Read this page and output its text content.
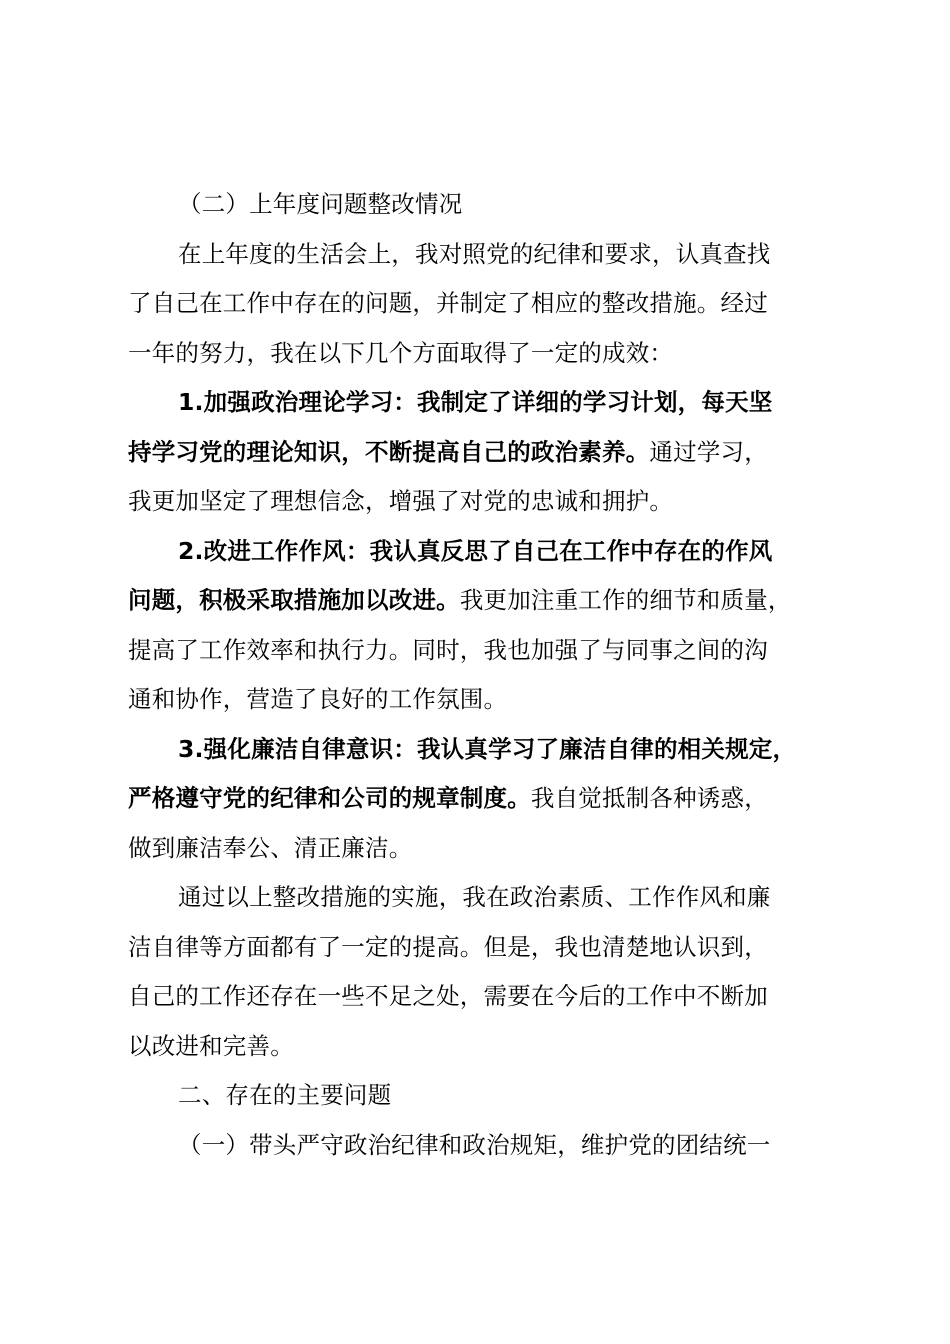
（二）上年度问题整改情况
在上年度的生活会上，我对照党的纪律和要求，认真查找
了自己在工作中存在的问题，并制定了相应的整改措施。经过
一年的努力，我在以下几个方面取得了一定的成效：
1.加强政治理论学习：我制定了详细的学习计划，每天坚
持学习党的理论知识，不断提高自己的政治素养。通过学习，
我更加坚定了理想信念，增强了对党的忠诚和拥护。
2.改进工作作风：我认真反思了自己在工作中存在的作风
问题，积极采取措施加以改进。我更加注重工作的细节和质量，
提高了工作效率和执行力。同时，我也加强了与同事之间的沟
通和协作，营造了良好的工作氛围。
3.强化廉洁自律意识：我认真学习了廉洁自律的相关规定，
严格遵守党的纪律和公司的规章制度。我自觉抵制各种诱惑，
做到廉洁奉公、清正廉洁。
通过以上整改措施的实施，我在政治素质、工作作风和廉
洁自律等方面都有了一定的提高。但是，我也清楚地认识到，
自己的工作还存在一些不足之处，需要在今后的工作中不断加
以改进和完善。
二、存在的主要问题
（一）带头严守政治纪律和政治规矩，维护党的团结统一
